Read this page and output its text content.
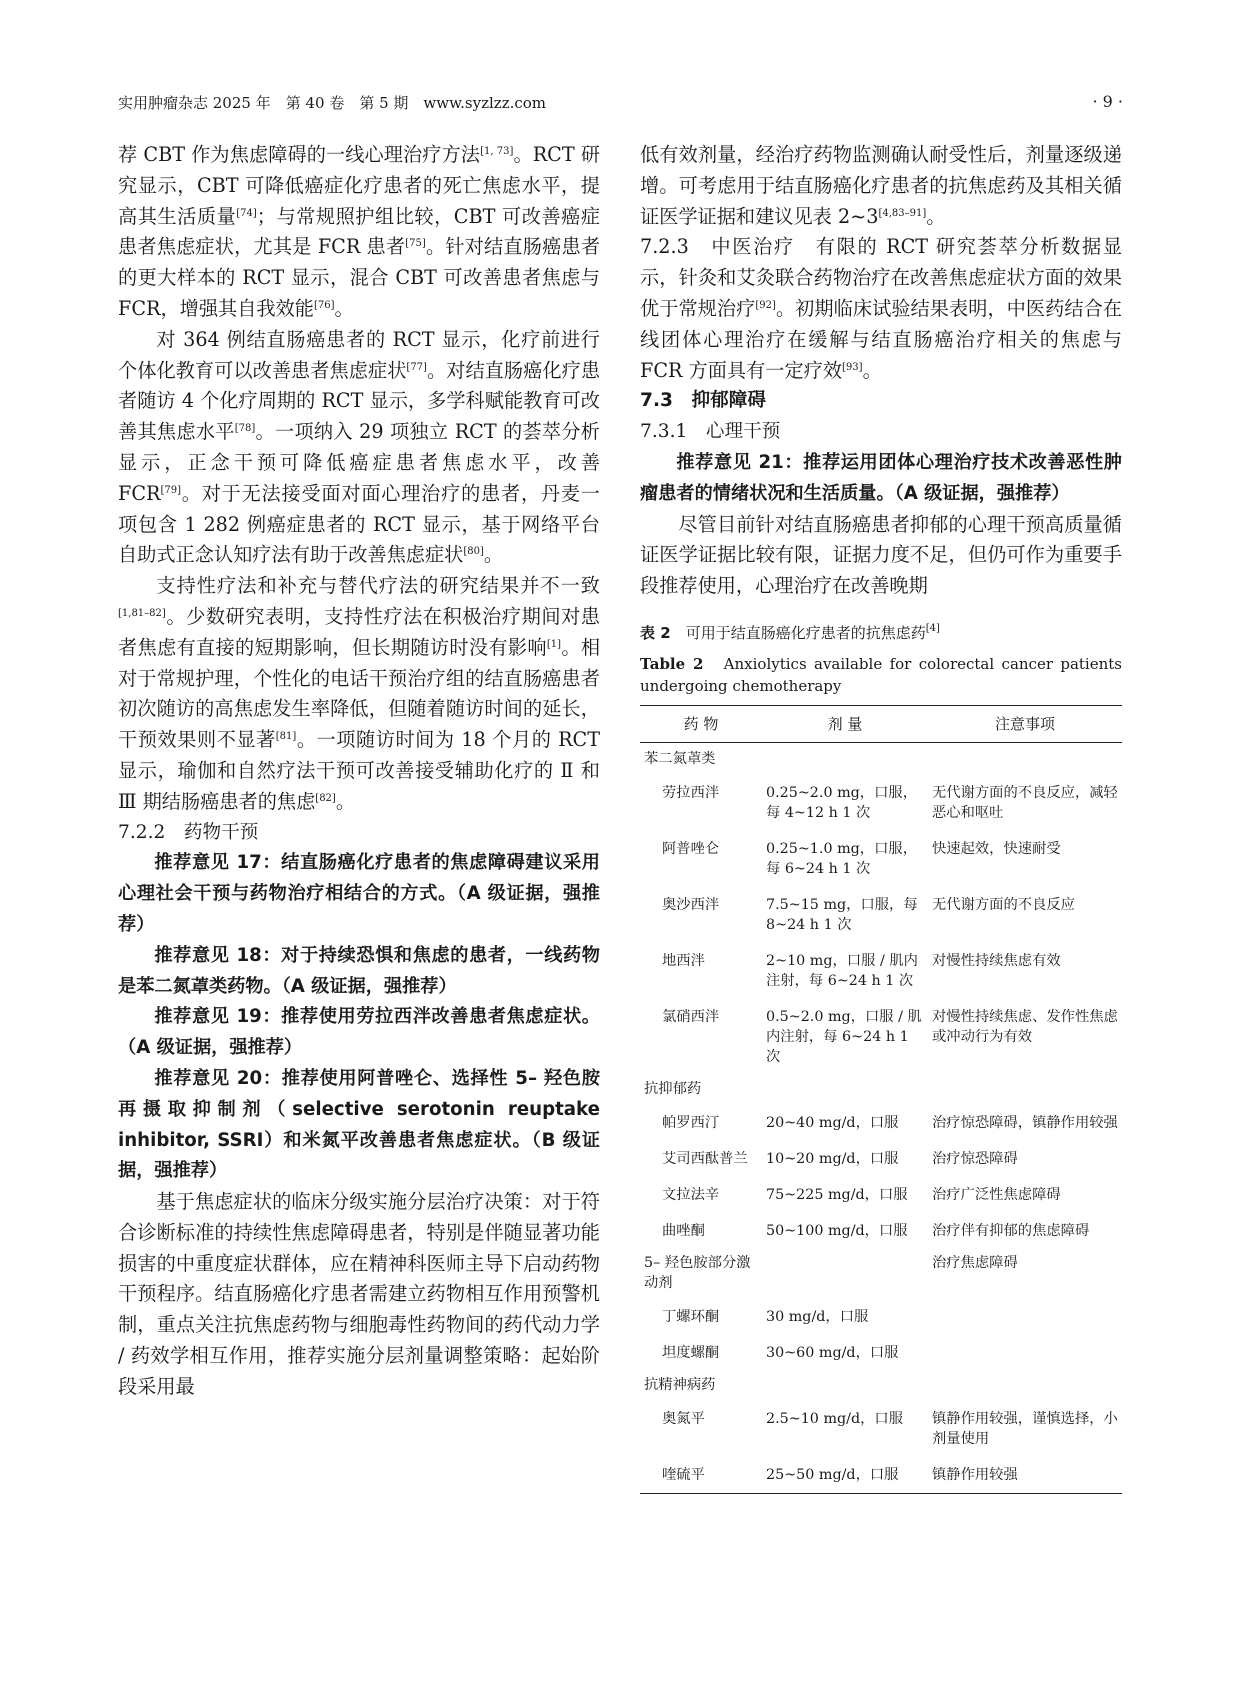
实用肿瘤杂志 2025 年　第 40 卷　第 5 期　www.syzlzz.com	· 9 ·

荐 CBT 作为焦虑障碍的一线心理治疗方法[1, 73]。RCT 研究显示，CBT 可降低癌症化疗患者的死亡焦虑水平，提高其生活质量[74]；与常规照护组比较，CBT 可改善癌症患者焦虑症状，尤其是 FCR 患者[75]。针对结直肠癌患者的更大样本的 RCT 显示，混合 CBT 可改善患者焦虑与 FCR，增强其自我效能[76]。

对 364 例结直肠癌患者的 RCT 显示，化疗前进行个体化教育可以改善患者焦虑症状[77]。对结直肠癌化疗患者随访 4 个化疗周期的 RCT 显示，多学科赋能教育可改善其焦虑水平[78]。一项纳入 29 项独立 RCT 的荟萃分析显示，正念干预可降低癌症患者焦虑水平，改善 FCR[79]。对于无法接受面对面心理治疗的患者，丹麦一项包含 1 282 例癌症患者的 RCT 显示，基于网络平台自助式正念认知疗法有助于改善焦虑症状[80]。

支持性疗法和补充与替代疗法的研究结果并不一致[1,81–82]。少数研究表明，支持性疗法在积极治疗期间对患者焦虑有直接的短期影响，但长期随访时没有影响[1]。相对于常规护理，个性化的电话干预治疗组的结直肠癌患者初次随访的高焦虑发生率降低，但随着随访时间的延长，干预效果则不显著[81]。一项随访时间为 18 个月的 RCT 显示，瑜伽和自然疗法干预可改善接受辅助化疗的 Ⅱ 和 Ⅲ 期结肠癌患者的焦虑[82]。

7.2.2　药物干预

推荐意见 17：结直肠癌化疗患者的焦虑障碍建议采用心理社会干预与药物治疗相结合的方式。（A 级证据，强推荐）

推荐意见 18：对于持续恐惧和焦虑的患者，一线药物是苯二氮䓬类药物。（A 级证据，强推荐）

推荐意见 19：推荐使用劳拉西泮改善患者焦虑症状。（A 级证据，强推荐）

推荐意见 20：推荐使用阿普唑仑、选择性 5– 羟色胺再摄取抑制剂（selective serotonin reuptake inhibitor, SSRI）和米氮平改善患者焦虑症状。（B 级证据，强推荐）

基于焦虑症状的临床分级实施分层治疗决策：对于符合诊断标准的持续性焦虑障碍患者，特别是伴随显著功能损害的中重度症状群体，应在精神科医师主导下启动药物干预程序。结直肠癌化疗患者需建立药物相互作用预警机制，重点关注抗焦虑药物与细胞毒性药物间的药代动力学 / 药效学相互作用，推荐实施分层剂量调整策略：起始阶段采用最

低有效剂量，经治疗药物监测确认耐受性后，剂量逐级递增。可考虑用于结直肠癌化疗患者的抗焦虑药及其相关循证医学证据和建议见表 2~3[4,83–91]。

7.2.3　中医治疗　 有限的 RCT 研究荟萃分析数据显示，针灸和艾灸联合药物治疗在改善焦虑症状方面的效果优于常规治疗[92]。初期临床试验结果表明，中医药结合在线团体心理治疗在缓解与结直肠癌治疗相关的焦虑与 FCR 方面具有一定疗效[93]。

7.3　抑郁障碍

7.3.1　心理干预

推荐意见 21：推荐运用团体心理治疗技术改善恶性肿瘤患者的情绪状况和生活质量。（A 级证据，强推荐）

尽管目前针对结直肠癌患者抑郁的心理干预高质量循证医学证据比较有限，证据力度不足，但仍可作为重要手段推荐使用，心理治疗在改善晚期

表 2　 可用于结直肠癌化疗患者的抗焦虑药[4]
Table 2　 Anxiolytics available for colorectal cancer patients undergoing chemotherapy
药 物	剂 量	注意事项
苯二氮䓬类		
劳拉西泮	0.25~2.0 mg，口服，每 4~12 h 1 次	无代谢方面的不良反应，减轻恶心和呕吐
阿普唑仑	0.25~1.0 mg，口服，每 6~24 h 1 次	快速起效，快速耐受
奥沙西泮	7.5~15 mg，口服，每 8~24 h 1 次	无代谢方面的不良反应
地西泮	2~10 mg，口服 / 肌内注射，每 6~24 h 1 次	对慢性持续焦虑有效
氯硝西泮	0.5~2.0 mg，口服 / 肌内注射，每 6~24 h 1 次	对慢性持续焦虑、发作性焦虑或冲动行为有效
抗抑郁药		
帕罗西汀	20~40 mg/d，口服	治疗惊恐障碍，镇静作用较强
艾司西酞普兰	10~20 mg/d，口服	治疗惊恐障碍
文拉法辛	75~225 mg/d，口服	治疗广泛性焦虑障碍
曲唑酮	50~100 mg/d，口服	治疗伴有抑郁的焦虑障碍
5– 羟色胺部分激动剂		治疗焦虑障碍
丁螺环酮	30 mg/d，口服	
坦度螺酮	30~60 mg/d，口服	
抗精神病药		
奥氮平	2.5~10 mg/d，口服	镇静作用较强，谨慎选择，小剂量使用
喹硫平	25~50 mg/d，口服	镇静作用较强
